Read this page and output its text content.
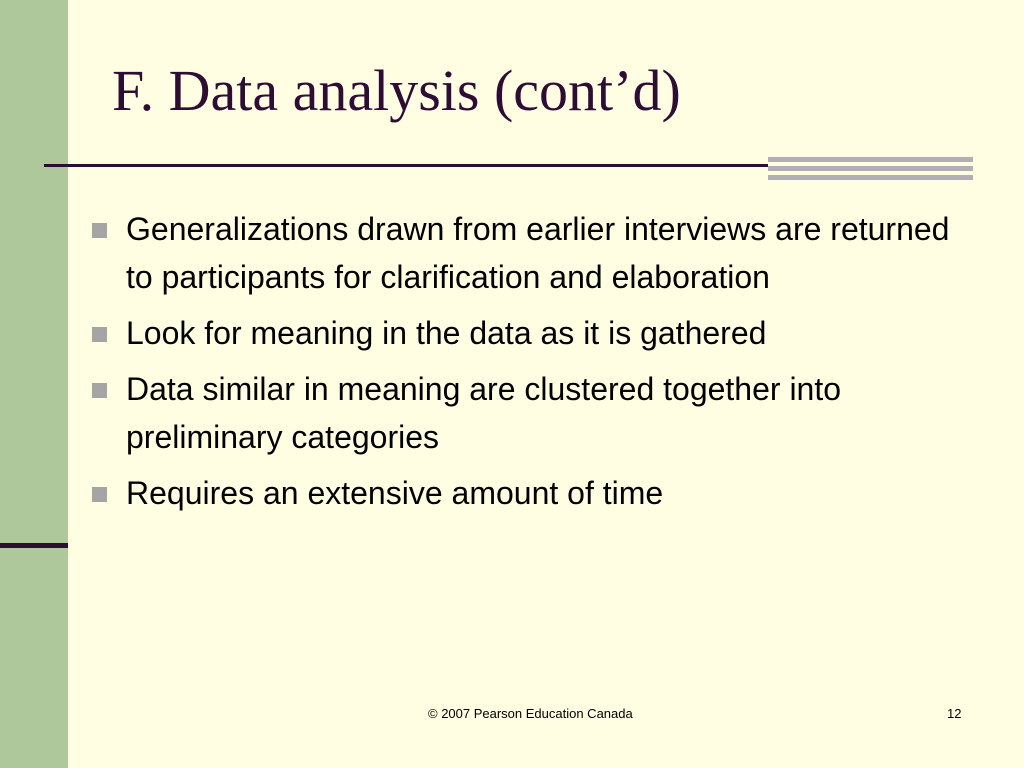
F. Data analysis (cont’d)
Generalizations drawn from earlier interviews are returned to participants for clarification and elaboration
Look for meaning in the data as it is gathered
Data similar in meaning are clustered together into preliminary categories
Requires an extensive amount of time
© 2007 Pearson Education Canada	12
